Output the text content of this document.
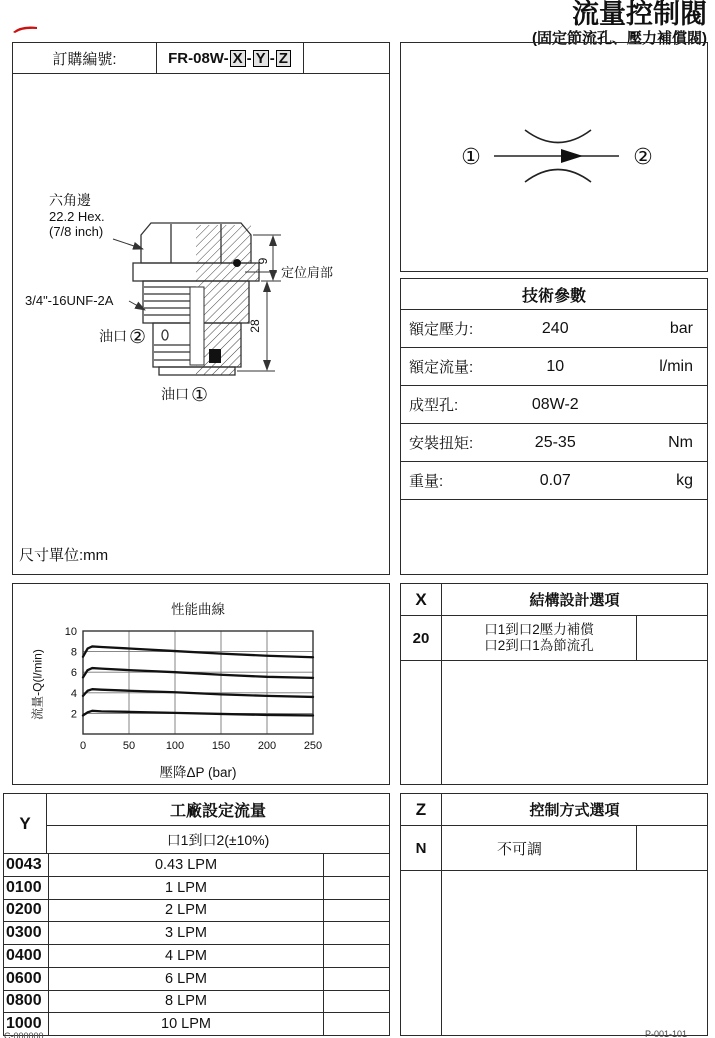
流量控制閥
(固定節流孔、壓力補償閥)
訂購編號:	FR-08W- X - Y - Z
9
定位肩部
28
六角邊
22.2 Hex.
(7/8 inch)
3/4"-16UNF-2A
油口 ②
油口 ①
尺寸單位:mm
①	②
技術參數
額定壓力:	240	bar
額定流量:	10	l/min
成型孔:	08W-2
安裝扭矩:	25-35	Nm
重量:	0.07	kg
性能曲線
流量-Q(l/min)
壓降ΔP (bar)
0	50	100	150	200	250
2
4
6
8
10
X	結構設計選項
20	口1到口2壓力補償
口2到口1為節流孔
Y
工廠設定流量
口1到口2(±10%)
0043	0.43 LPM
0100	1 LPM
0200	2 LPM
0300	3 LPM
0400	4 LPM
0600	6 LPM
0800	8 LPM
1000	10 LPM
Z	控制方式選項
N	不可調
C-000000	P-001-101
